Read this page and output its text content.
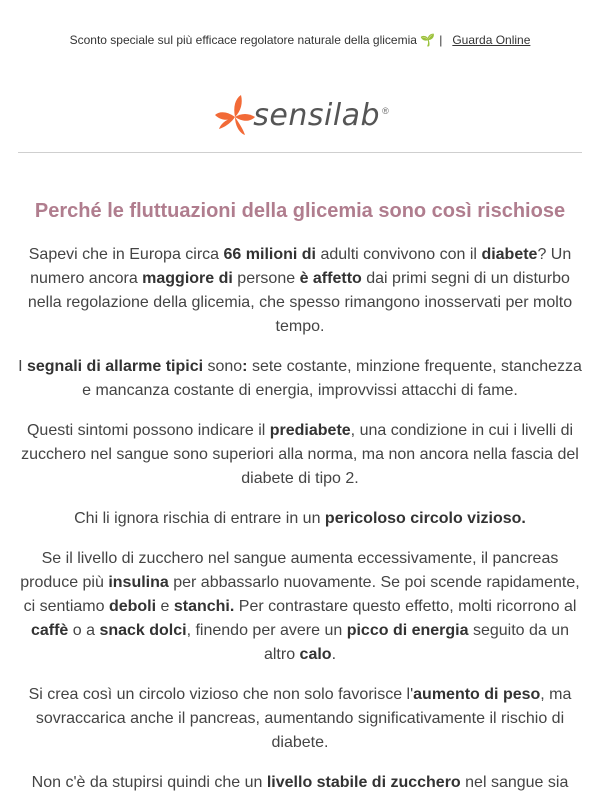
Sconto speciale sul più efficace regolatore naturale della glicemia 🌱 | Guarda Online
sensilab ®
Perché le fluttuazioni della glicemia sono così rischiose

Sapevi che in Europa circa 66 milioni di adulti convivono con il diabete? Un numero ancora maggiore di persone è affetto dai primi segni di un disturbo nella regolazione della glicemia, che spesso rimangono inosservati per molto tempo.

I segnali di allarme tipici sono: sete costante, minzione frequente, stanchezza e mancanza costante di energia, improvvissi attacchi di fame.

Questi sintomi possono indicare il prediabete, una condizione in cui i livelli di zucchero nel sangue sono superiori alla norma, ma non ancora nella fascia del diabete di tipo 2.

Chi li ignora rischia di entrare in un pericoloso circolo vizioso.

Se il livello di zucchero nel sangue aumenta eccessivamente, il pancreas produce più insulina per abbassarlo nuovamente. Se poi scende rapidamente, ci sentiamo deboli e stanchi. Per contrastare questo effetto, molti ricorrono al caffè o a snack dolci, finendo per avere un picco di energia seguito da un altro calo.

Si crea così un circolo vizioso che non solo favorisce l'aumento di peso, ma sovraccarica anche il pancreas, aumentando significativamente il rischio di diabete.

Non c'è da stupirsi quindi che un livello stabile di zucchero nel sangue sia
